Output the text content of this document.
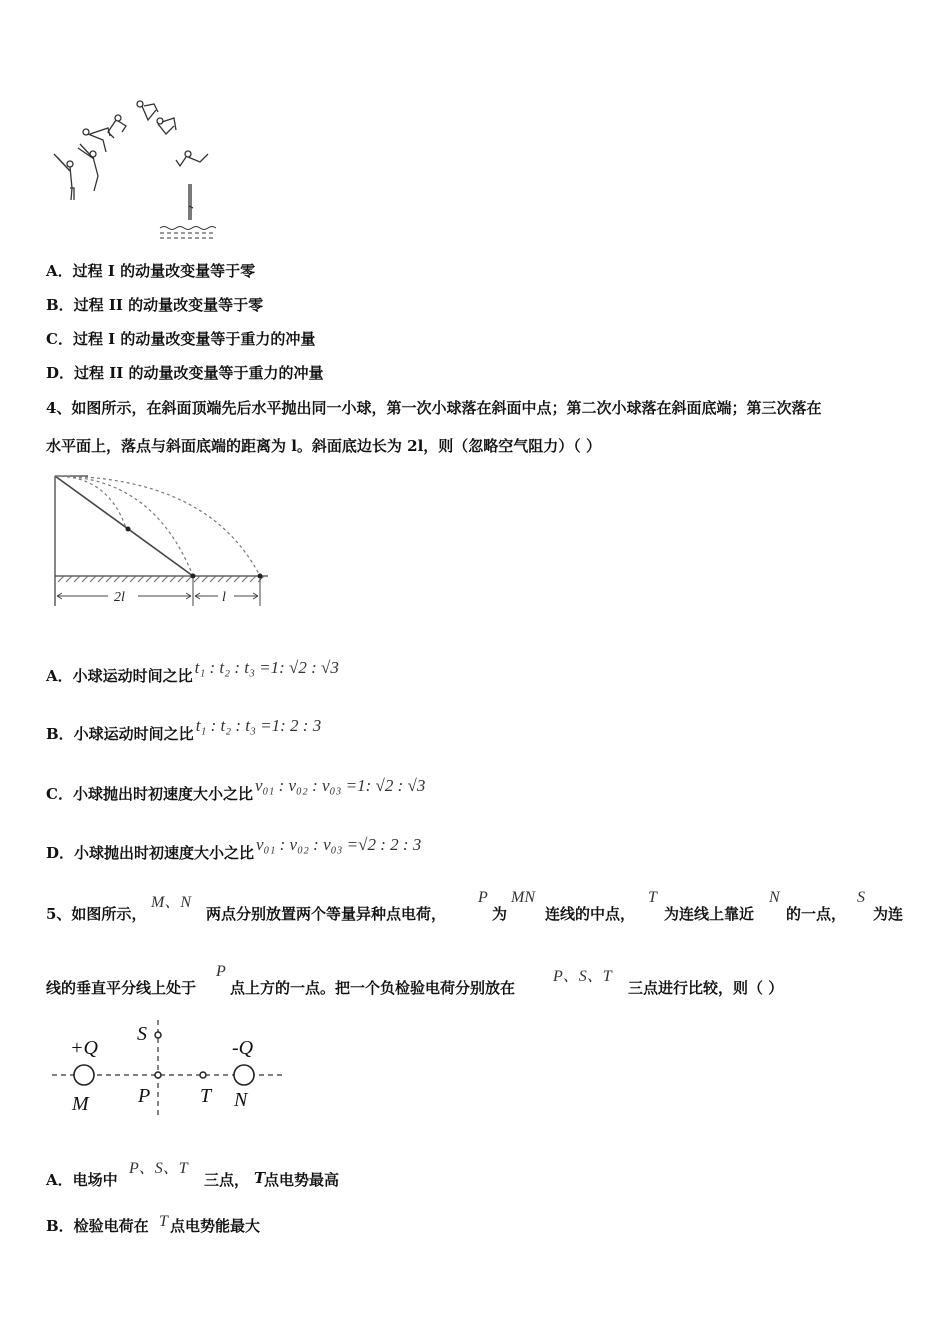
A．过程 I 的动量改变量等于零
B．过程 II 的动量改变量等于零
C．过程 I 的动量改变量等于重力的冲量
D．过程 II 的动量改变量等于重力的冲量
4、如图所示，在斜面顶端先后水平抛出同一小球，第一次小球落在斜面中点；第二次小球落在斜面底端；第三次落在
水平面上，落点与斜面底端的距离为 l。斜面底边长为 2l，则（忽略空气阻力）（ ）
2l	l
A．小球运动时间之比 t₁ : t₂ : t₃ =1: √2 : √3
B．小球运动时间之比 t₁ : t₂ : t₃ =1: 2 : 3
C．小球抛出时初速度大小之比 v₀₁ : v₀₂ : v₀₃ =1: √2 : √3
D．小球抛出时初速度大小之比 v₀₁ : v₀₂ : v₀₃ =√2 : 2 : 3
5、如图所示，
M、N
两点分别放置两个等量异种点电荷，
P
为
MN
连线的中点，
T
为连线上靠近
N
的一点，
S
为连
线的垂直平分线上处于
P
点上方的一点。把一个负检验电荷分别放在
P、S、T
三点进行比较，则（ ）
+Q	-Q
M	N
P
S
T
A．电场中
P、S、T
三点， T
点电势最高
B．检验电荷在 T 点电势能最大
